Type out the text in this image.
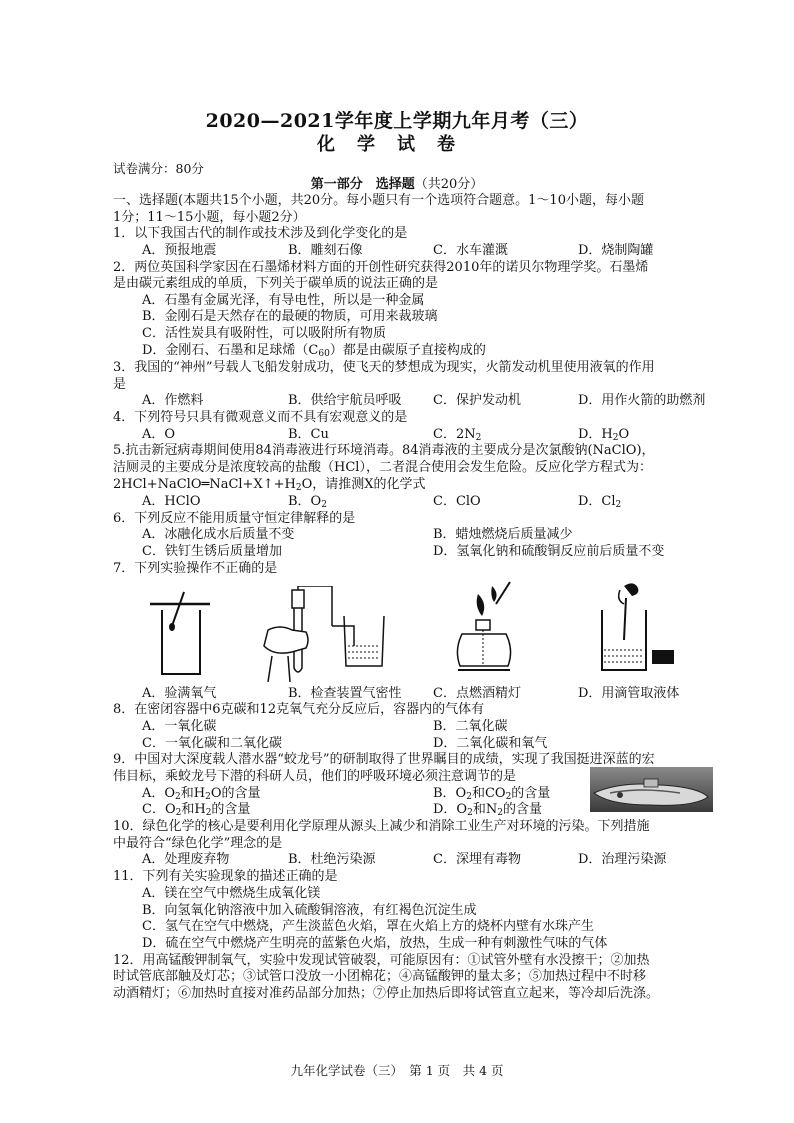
2020—2021学年度上学期九年月考（三）
化学试卷
试卷满分：80分
第一部分　选择题（共20分）
一、选择题(本题共15个小题，共20分。每小题只有一个选项符合题意。1～10小题，每小题
1分；11～15小题，每小题2分）
1．以下我国古代的制作或技术涉及到化学变化的是
A．预报地震	B．雕刻石像	C．水车灌溉	D．烧制陶罐
2．两位英国科学家因在石墨烯材料方面的开创性研究获得2010年的诺贝尔物理学奖。石墨烯
是由碳元素组成的单质，下列关于碳单质的说法正确的是
A．石墨有金属光泽，有导电性，所以是一种金属
B．金刚石是天然存在的最硬的物质，可用来裁玻璃
C．活性炭具有吸附性，可以吸附所有物质
D．金刚石、石墨和足球烯$(C_{60})$都是由碳原子直接构成的
3．我国的“神州”号载人飞船发射成功，使飞天的梦想成为现实，火箭发动机里使用液氧的作用
是
A．作燃料	B．供给宇航员呼吸 C．保护发动机	D．用作火箭的助燃剂
4．下列符号只具有微观意义而不具有宏观意义的是
A．O	B．Cu	C．$2N_2$	D．$H_2O$
5.抗击新冠病毒期间使用84消毒液进行环境消毒。84消毒液的主要成分是次氯酸钠(NaClO)，
洁厕灵的主要成分是浓度较高的盐酸（HCl），二者混合使用会发生危险。反应化学方程式为：
$2HCl+NaClO═NaCl+X↑+H_2O$，请推测X的化学式
A．HClO	B．$O_2$	C．ClO	D．$Cl_2$
6．下列反应不能用质量守恒定律解释的是
A．冰融化成水后质量不变	B．蜡烛燃烧后质量减少
C．铁钉生锈后质量增加	D．氢氧化钠和硫酸铜反应前后质量不变
7．下列实验操作不正确的是
A．验满氧气	B．检查装置气密性 C．点燃酒精灯	D．用滴管取液体
8．在密闭容器中6克碳和12克氧气充分反应后，容器内的气体有
A．一氧化碳	B．二氧化碳
C．一氧化碳和二氧化碳	D．二氧化碳和氧气
9．中国对大深度载人潜水器“蛟龙号”的研制取得了世界瞩目的成绩，实现了我国挺进深蓝的宏
伟目标，乘蛟龙号下潜的科研人员，他们的呼吸环境必须注意调节的是
A．$O_2$和$H_2O$的含量	B．$O_2$和$CO_2$的含量
C．$O_2$和$H_2$的含量	D．$O_2$和$N_2$的含量
10．绿色化学的核心是要利用化学原理从源头上减少和消除工业生产对环境的污染。下列措施
中最符合“绿色化学”理念的是
A．处理废弃物	B．杜绝污染源	C．深埋有毒物	D．治理污染源
11．下列有关实验现象的描述正确的是
A．镁在空气中燃烧生成氧化镁
B．向氢氧化钠溶液中加入硫酸铜溶液，有红褐色沉淀生成
C．氢气在空气中燃烧，产生淡蓝色火焰，罩在火焰上方的烧杯内壁有水珠产生
D．硫在空气中燃烧产生明亮的蓝紫色火焰，放热，生成一种有刺激性气味的气体
12．用高锰酸钾制氧气，实验中发现试管破裂，可能原因有：①试管外壁有水没擦干；②加热
时试管底部触及灯芯；③试管口没放一小团棉花；④高锰酸钾的量太多；⑤加热过程中不时移
动酒精灯；⑥加热时直接对准药品部分加热；⑦停止加热后即将试管直立起来，等冷却后洗涤。
九年化学试卷（三）　第 1 页　共 4 页
